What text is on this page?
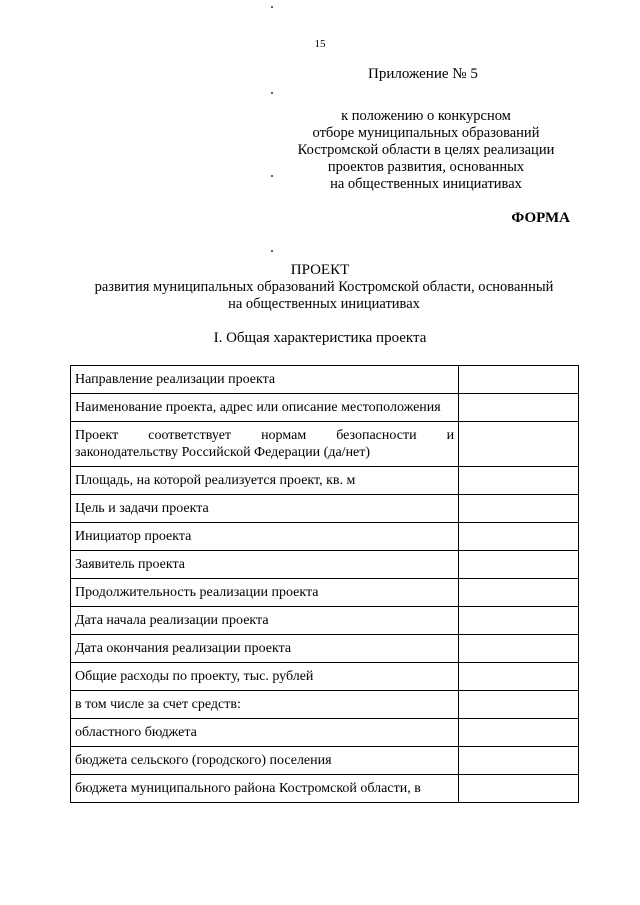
15
Приложение № 5
к положению о конкурсном
отборе муниципальных образований
Костромской области в целях реализации
проектов развития, основанных
на общественных инициативах
ФОРМА
ПРОЕКТ
развития муниципальных образований Костромской области, основанный
на общественных инициативах
I. Общая характеристика проекта
Направление реализации проекта	
Наименование проекта, адрес или описание местоположения	
Проект соответствует нормам безопасности и законодательству Российской Федерации (да/нет)	
Площадь, на которой реализуется проект, кв. м	
Цель и задачи проекта	
Инициатор проекта	
Заявитель проекта	
Продолжительность реализации проекта	
Дата начала реализации проекта	
Дата окончания реализации проекта	
Общие расходы по проекту, тыс. рублей	
в том числе за счет средств:	
областного бюджета	
бюджета сельского (городского) поселения	
бюджета муниципального района Костромской области, в	
